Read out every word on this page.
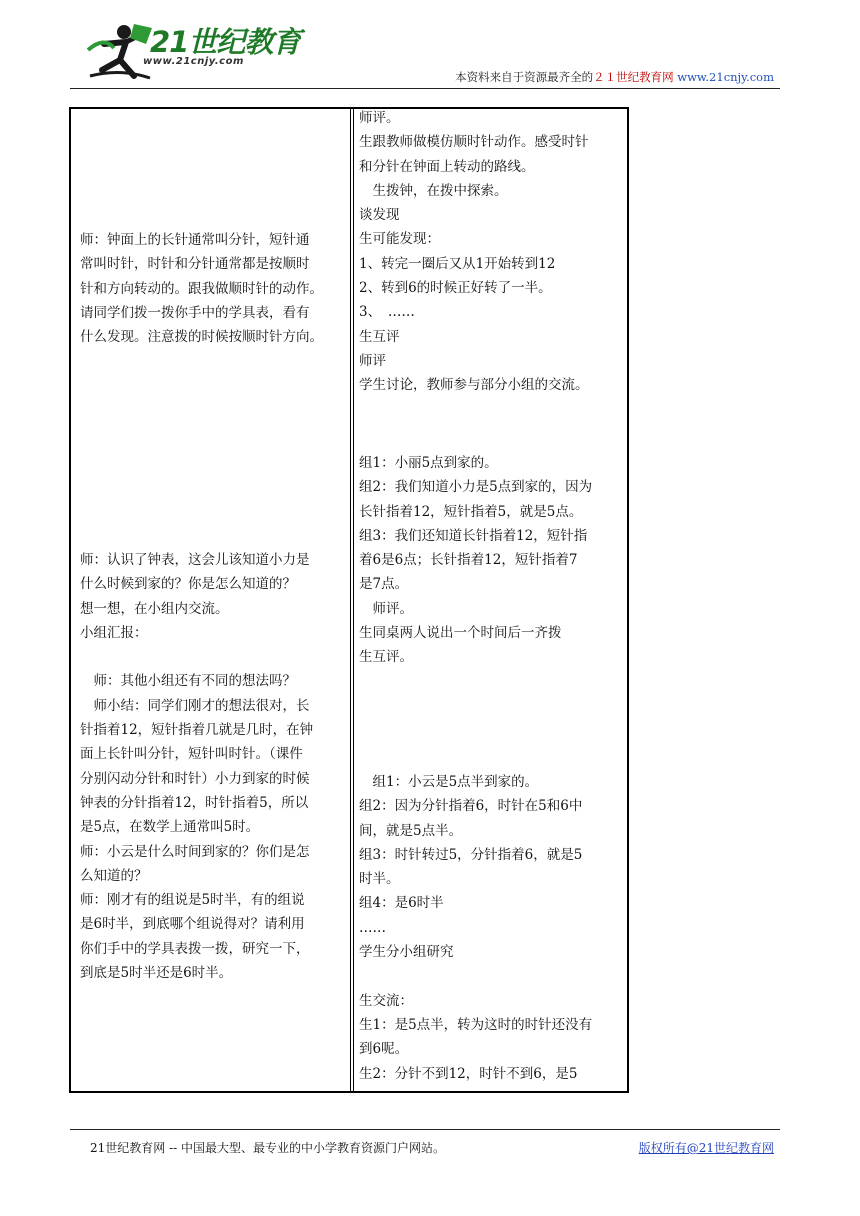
21世纪教育
www.21cnjy.com
本资料来自于资源最齐全的２１世纪教育网 www.21cnjy.com
师：钟面上的长针通常叫分针，短针通
常叫时针，时针和分针通常都是按顺时
针和方向转动的。跟我做顺时针的动作。
请同学们拨一拨你手中的学具表，看有
什么发现。注意拨的时候按顺时针方向。
师：认识了钟表，这会儿该知道小力是
什么时候到家的？你是怎么知道的？
想一想，在小组内交流。
小组汇报：
　师：其他小组还有不同的想法吗？
　师小结：同学们刚才的想法很对，长
针指着12，短针指着几就是几时，在钟
面上长针叫分针，短针叫时针。（课件
分别闪动分针和时针）小力到家的时候
钟表的分针指着12，时针指着5，所以
是5点，在数学上通常叫5时。
师：小云是什么时间到家的？你们是怎
么知道的？
师：刚才有的组说是5时半，有的组说
是6时半，到底哪个组说得对？请利用
你们手中的学具表拨一拨，研究一下，
到底是5时半还是6时半。
师评。
生跟教师做模仿顺时针动作。感受时针
和分针在钟面上转动的路线。
　生拨钟，在拨中探索。
谈发现
生可能发现：
1、转完一圈后又从1开始转到12
2、转到6的时候正好转了一半。
3、　……
生互评
师评
学生讨论，教师参与部分小组的交流。
组1：小丽5点到家的。
组2：我们知道小力是5点到家的，因为
长针指着12，短针指着5，就是5点。
组3：我们还知道长针指着12，短针指
着6是6点；长针指着12，短针指着7
是7点。
　师评。
生同桌两人说出一个时间后一齐拨
生互评。
　组1：小云是5点半到家的。
组2：因为分针指着6，时针在5和6中
间，就是5点半。
组3：时针转过5，分针指着6，就是5
时半。
组4：是6时半
……
学生分小组研究
生交流：
生1：是5点半，转为这时的时针还没有
到6呢。
生2：分针不到12，时针不到6，是5
21世纪教育网 -- 中国最大型、最专业的中小学教育资源门户网站。	版权所有@21世纪教育网
